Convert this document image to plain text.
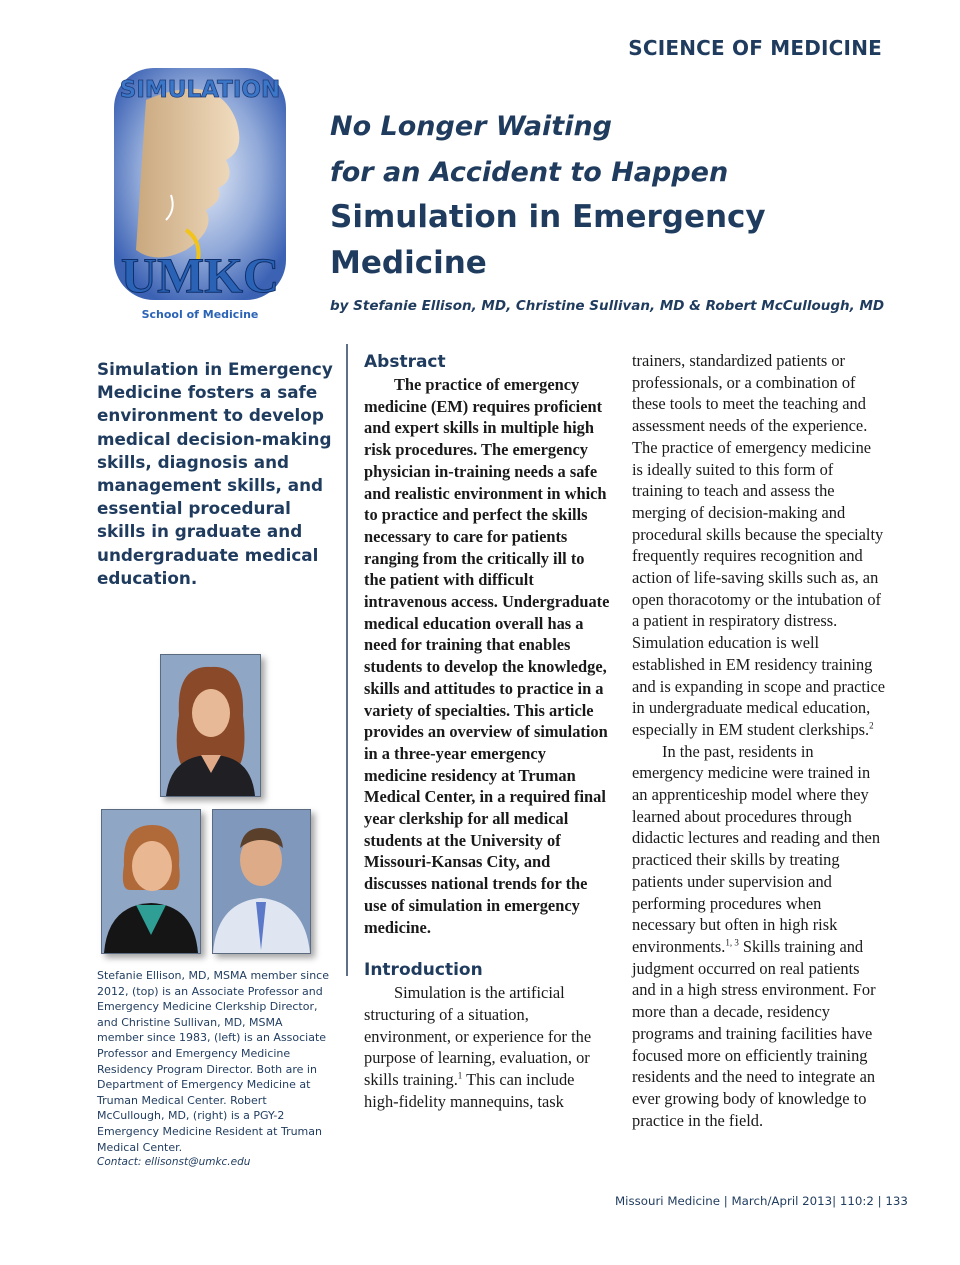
SCIENCE OF MEDICINE
SIMULATION
UMKC
School of Medicine
No Longer Waiting
for an Accident to Happen
Simulation in Emergency Medicine
by Stefanie Ellison, MD, Christine Sullivan, MD & Robert McCullough, MD
Simulation in Emergency Medicine fosters a safe environment to develop medical decision-making skills, diagnosis and management skills, and essential procedural skills in graduate and undergraduate medical education.
Stefanie Ellison, MD, MSMA member since 2012, (top) is an Associate Professor and Emergency Medicine Clerkship Director, and Christine Sullivan, MD, MSMA member since 1983, (left) is an Associate Professor and Emergency Medicine Residency Program Director. Both are in Department of Emergency Medicine at Truman Medical Center. Robert McCullough, MD, (right) is a PGY-2 Emergency Medicine Resident at Truman Medical Center.
Contact: ellisonst@umkc.edu
Abstract

The practice of emergency medicine (EM) requires proficient and expert skills in multiple high risk procedures. The emergency physician in-training needs a safe and realistic environment in which to practice and perfect the skills necessary to care for patients ranging from the critically ill to the patient with difficult intravenous access. Undergraduate medical education overall has a need for training that enables students to develop the knowledge, skills and attitudes to practice in a variety of specialties. This article provides an overview of simulation in a three-year emergency medicine residency at Truman Medical Center, in a required final year clerkship for all medical students at the University of Missouri-Kansas City, and discusses national trends for the use of simulation in emergency medicine.

Introduction

Simulation is the artificial structuring of a situation, environment, or experience for the purpose of learning, evaluation, or skills training.$^1$ This can include high-fidelity mannequins, task

trainers, standardized patients or professionals, or a combination of these tools to meet the teaching and assessment needs of the experience. The practice of emergency medicine is ideally suited to this form of training to teach and assess the merging of decision-making and procedural skills because the specialty frequently requires recognition and action of life-saving skills such as, an open thoracotomy or the intubation of a patient in respiratory distress. Simulation education is well established in EM residency training and is expanding in scope and practice in undergraduate medical education, especially in EM student clerkships.$^2$

In the past, residents in emergency medicine were trained in an apprenticeship model where they learned about procedures through didactic lectures and reading and then practiced their skills by treating patients under supervision and performing procedures when necessary but often in high risk environments.$^{1, 3}$ Skills training and judgment occurred on real patients and in a high stress environment. For more than a decade, residency programs and training facilities have focused more on efficiently training residents and the need to integrate an ever growing body of knowledge to practice in the field.

Missouri Medicine | March/April 2013| 110:2 | 133
